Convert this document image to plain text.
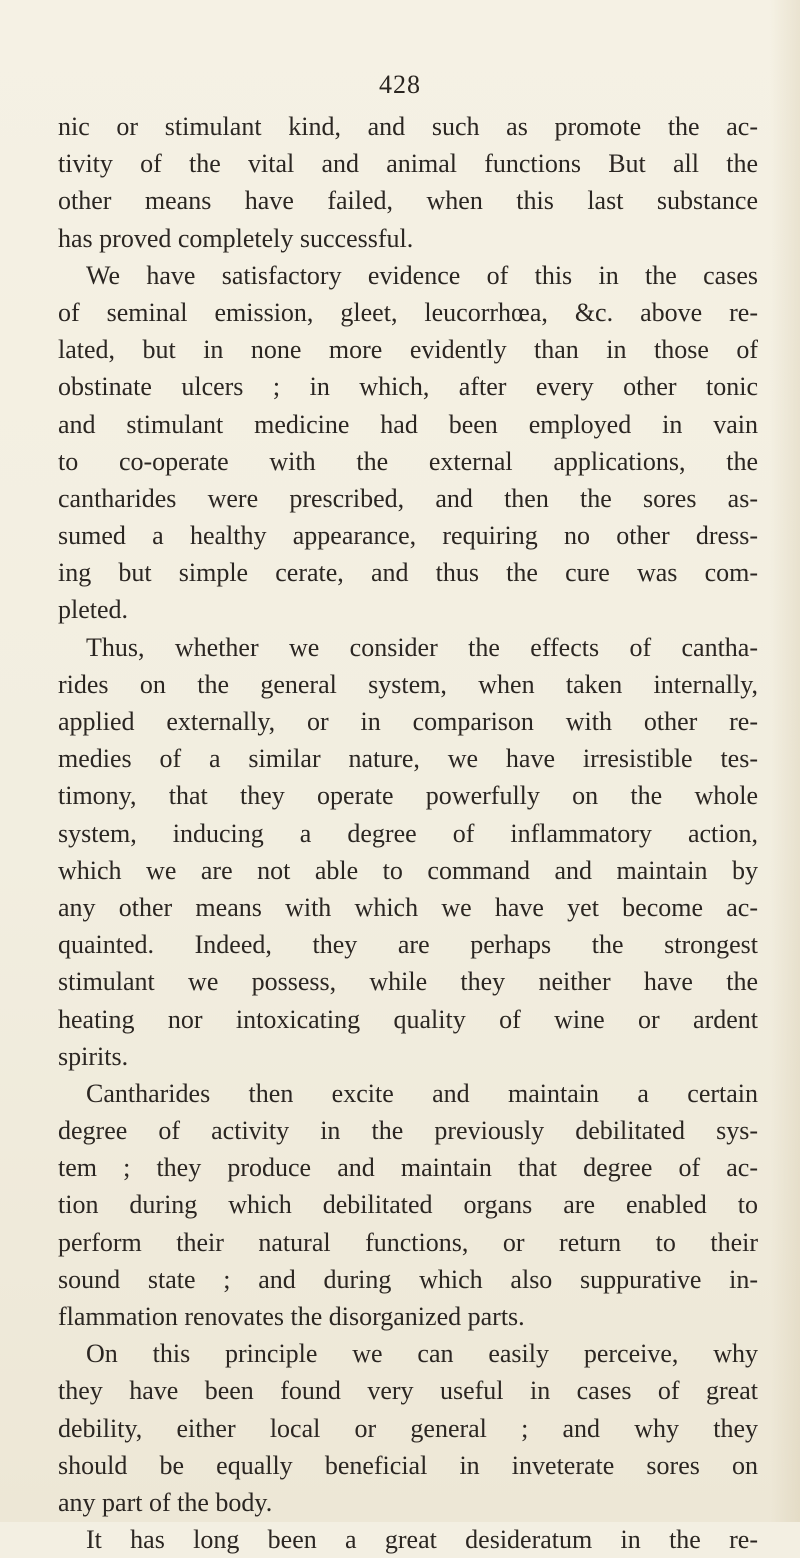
428
nic or stimulant kind, and such as promote the ac-
tivity of the vital and animal functions But all the
other means have failed, when this last substance
has proved completely successful.
We have satisfactory evidence of this in the cases
of seminal emission, gleet, leucorrhœa, &c. above re-
lated, but in none more evidently than in those of
obstinate ulcers ; in which, after every other tonic
and stimulant medicine had been employed in vain
to co-operate with the external applications, the
cantharides were prescribed, and then the sores as-
sumed a healthy appearance, requiring no other dress-
ing but simple cerate, and thus the cure was com-
pleted.
Thus, whether we consider the effects of cantha-
rides on the general system, when taken internally,
applied externally, or in comparison with other re-
medies of a similar nature, we have irresistible tes-
timony, that they operate powerfully on the whole
system, inducing a degree of inflammatory action,
which we are not able to command and maintain by
any other means with which we have yet become ac-
quainted. Indeed, they are perhaps the strongest
stimulant we possess, while they neither have the
heating nor intoxicating quality of wine or ardent
spirits.
Cantharides then excite and maintain a certain
degree of activity in the previously debilitated sys-
tem ; they produce and maintain that degree of ac-
tion during which debilitated organs are enabled to
perform their natural functions, or return to their
sound state ; and during which also suppurative in-
flammation renovates the disorganized parts.
On this principle we can easily perceive, why
they have been found very useful in cases of great
debility, either local or general ; and why they
should be equally beneficial in inveterate sores on
any part of the body.
It has long been a great desideratum in the re-
